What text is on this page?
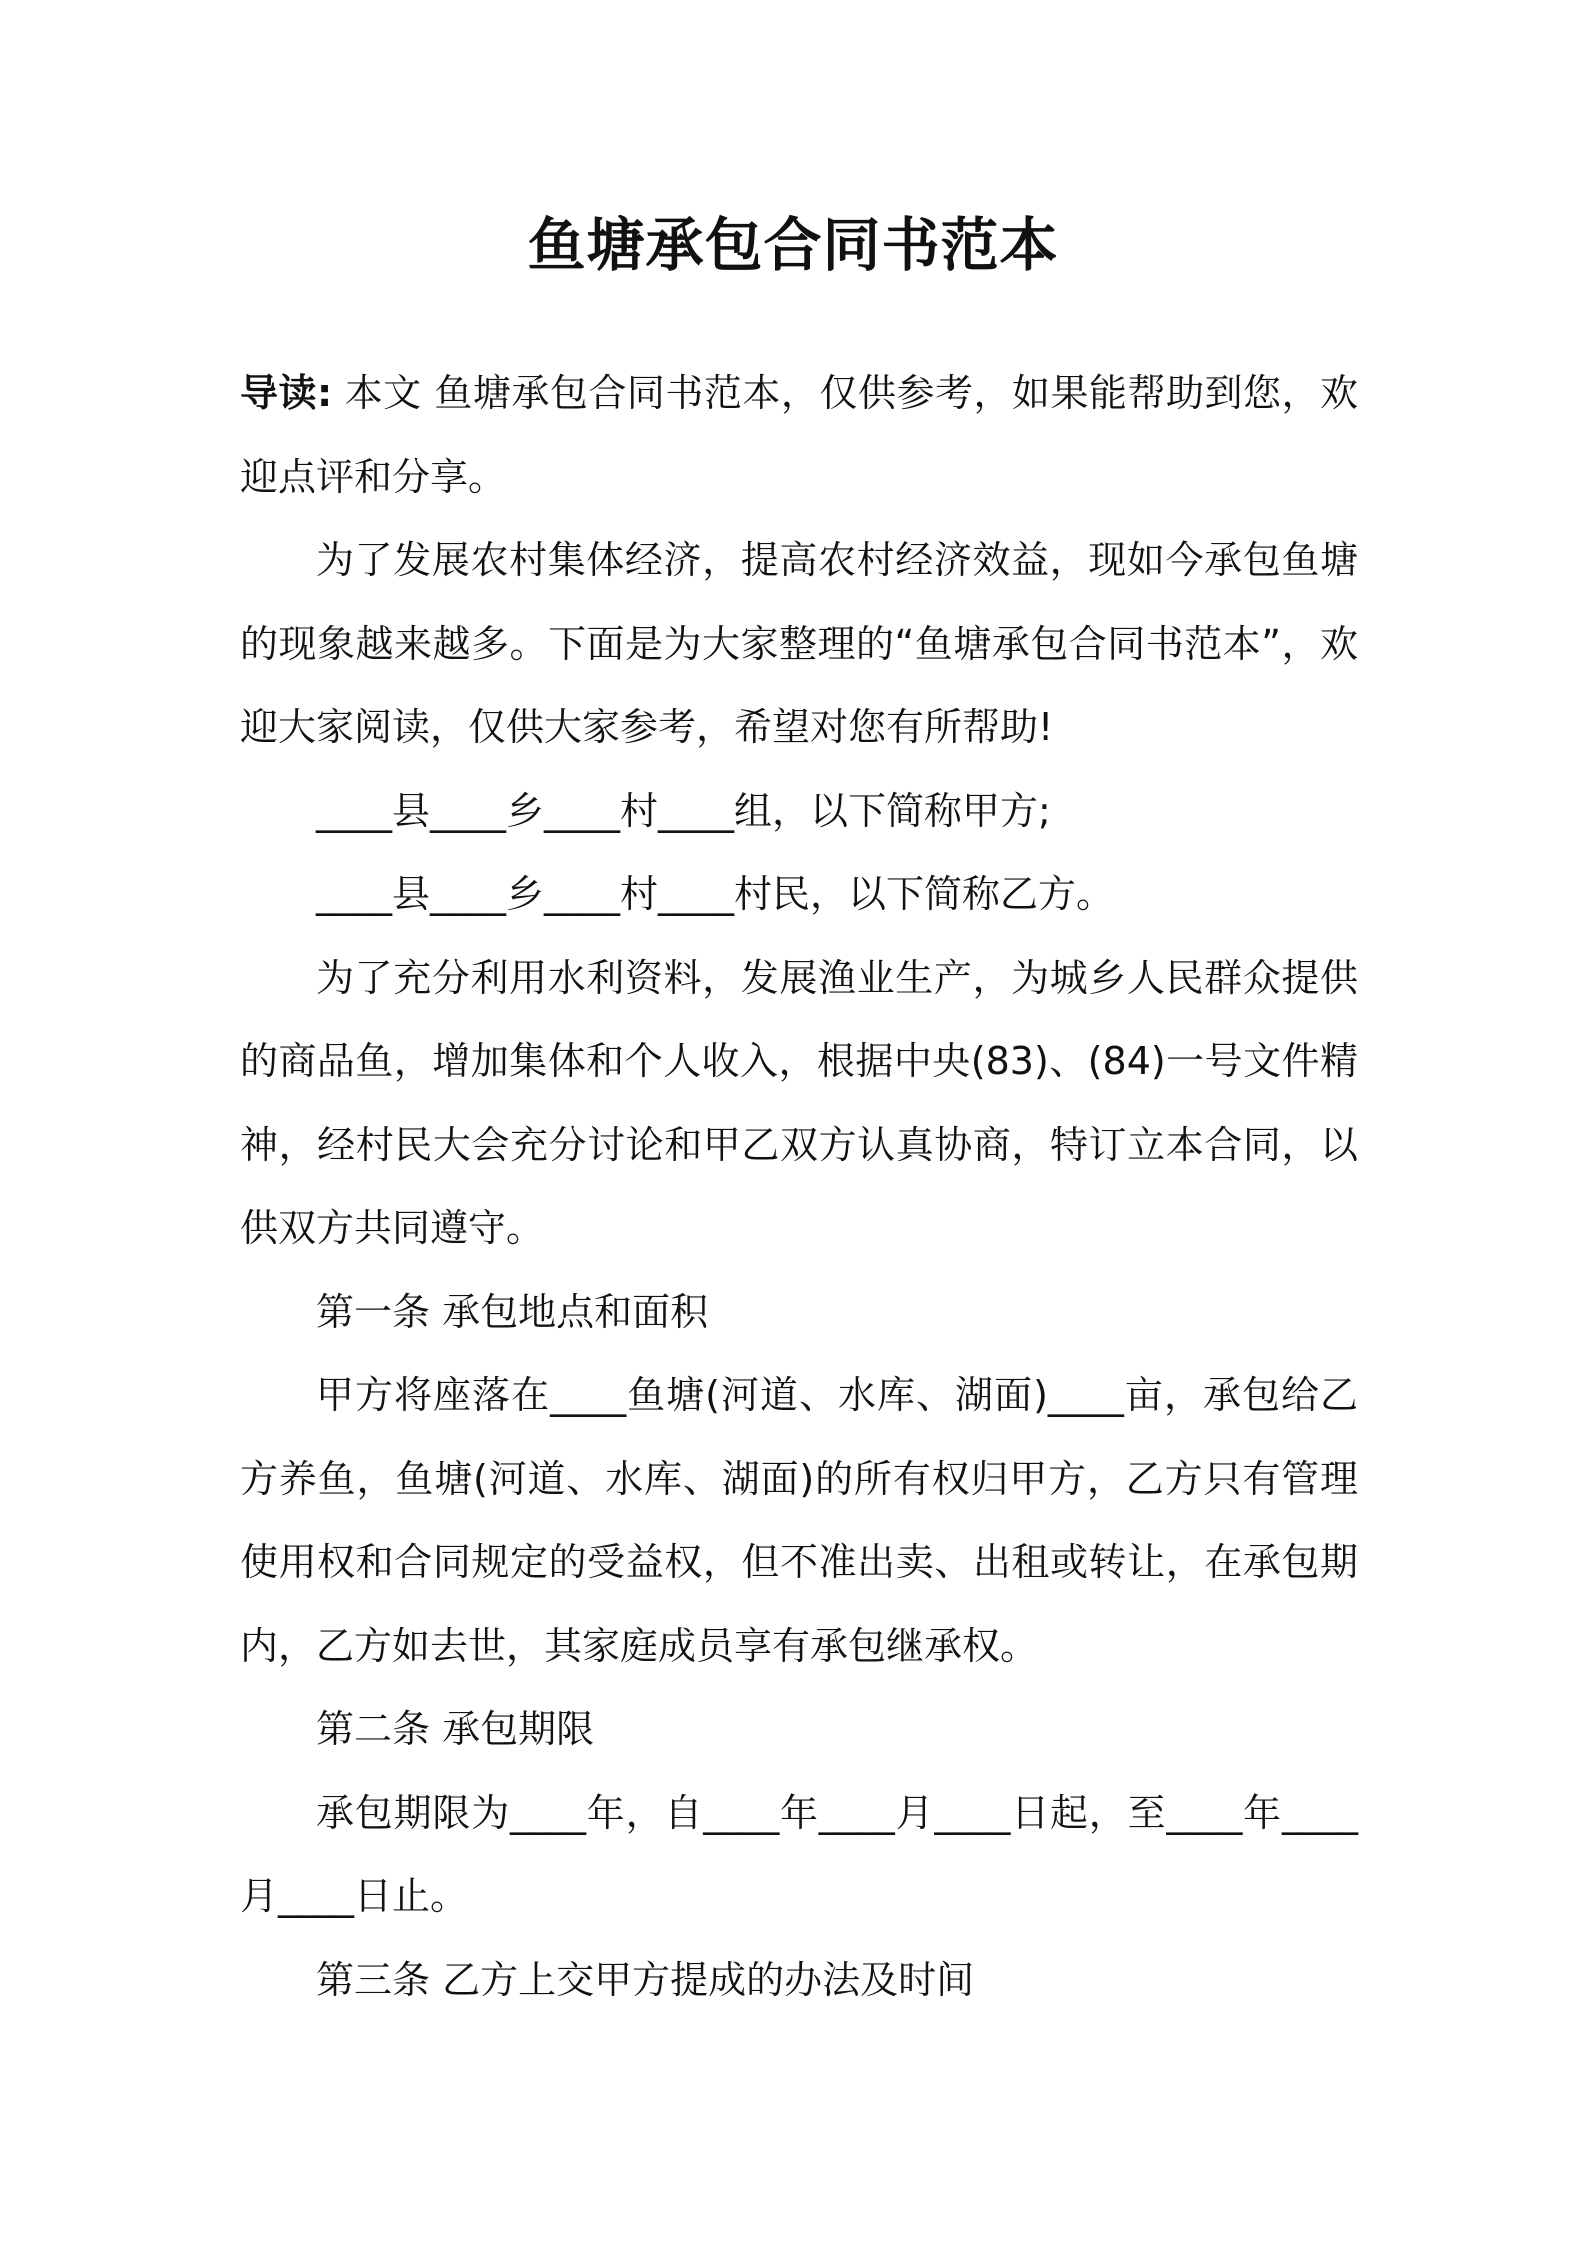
鱼塘承包合同书范本

导读: 本文 鱼塘承包合同书范本，仅供参考，如果能帮助到您，欢迎点评和分享。

为了发展农村集体经济，提高农村经济效益，现如今承包鱼塘的现象越来越多。下面是为大家整理的“鱼塘承包合同书范本”，欢迎大家阅读，仅供大家参考，希望对您有所帮助!

____县____乡____村____组，以下简称甲方;

____县____乡____村____村民，以下简称乙方。

为了充分利用水利资料，发展渔业生产，为城乡人民群众提供的商品鱼，增加集体和个人收入，根据中央(83)、(84)一号文件精神，经村民大会充分讨论和甲乙双方认真协商，特订立本合同，以供双方共同遵守。

第一条 承包地点和面积

甲方将座落在____鱼塘(河道、水库、湖面)____亩，承包给乙方养鱼，鱼塘(河道、水库、湖面)的所有权归甲方，乙方只有管理使用权和合同规定的受益权，但不准出卖、出租或转让，在承包期内，乙方如去世，其家庭成员享有承包继承权。

第二条 承包期限

承包期限为____年，自____年____月____日起，至____年____月____日止。

第三条 乙方上交甲方提成的办法及时间
